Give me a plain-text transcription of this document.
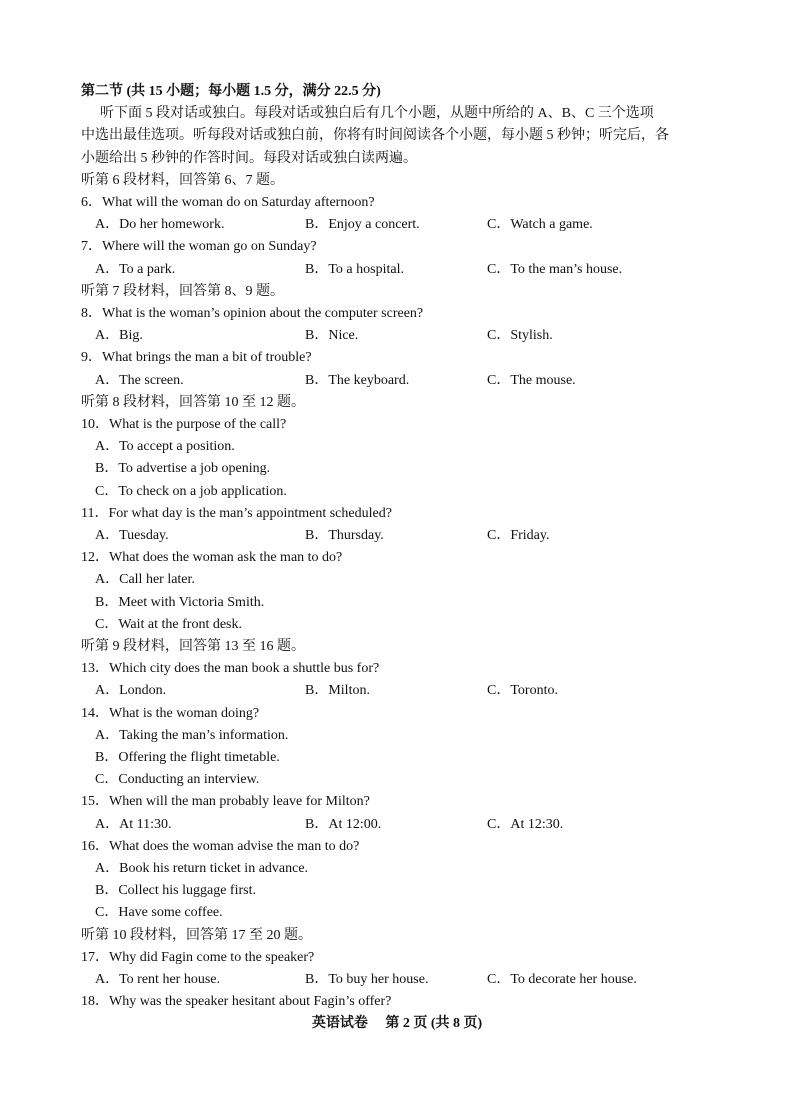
第二节 (共 15 小题；每小题 1.5 分，满分 22.5 分)
听下面 5 段对话或独白。每段对话或独白后有几个小题，从题中所给的 A、B、C 三个选项
中选出最佳选项。听每段对话或独白前，你将有时间阅读各个小题，每小题 5 秒钟；听完后，各
小题给出 5 秒钟的作答时间。每段对话或独白读两遍。
听第 6 段材料，回答第 6、7 题。
6．What will the woman do on Saturday afternoon?
A．Do her homework.	B．Enjoy a concert.	C．Watch a game.
7．Where will the woman go on Sunday?
A．To a park.	B．To a hospital.	C．To the man’s house.
听第 7 段材料，回答第 8、9 题。
8．What is the woman’s opinion about the computer screen?
A．Big.	B．Nice.	C．Stylish.
9．What brings the man a bit of trouble?
A．The screen.	B．The keyboard.	C．The mouse.
听第 8 段材料，回答第 10 至 12 题。
10．What is the purpose of the call?
A．To accept a position.
B．To advertise a job opening.
C．To check on a job application.
11．For what day is the man’s appointment scheduled?
A．Tuesday.	B．Thursday.	C．Friday.
12．What does the woman ask the man to do?
A．Call her later.
B．Meet with Victoria Smith.
C．Wait at the front desk.
听第 9 段材料，回答第 13 至 16 题。
13．Which city does the man book a shuttle bus for?
A．London.	B．Milton.	C．Toronto.
14．What is the woman doing?
A．Taking the man’s information.
B．Offering the flight timetable.
C．Conducting an interview.
15．When will the man probably leave for Milton?
A．At 11:30.	B．At 12:00.	C．At 12:30.
16．What does the woman advise the man to do?
A．Book his return ticket in advance.
B．Collect his luggage first.
C．Have some coffee.
听第 10 段材料，回答第 17 至 20 题。
17．Why did Fagin come to the speaker?
A．To rent her house.	B．To buy her house.	C．To decorate her house.
18．Why was the speaker hesitant about Fagin’s offer?
英语试卷　 第 2 页 (共 8 页)
